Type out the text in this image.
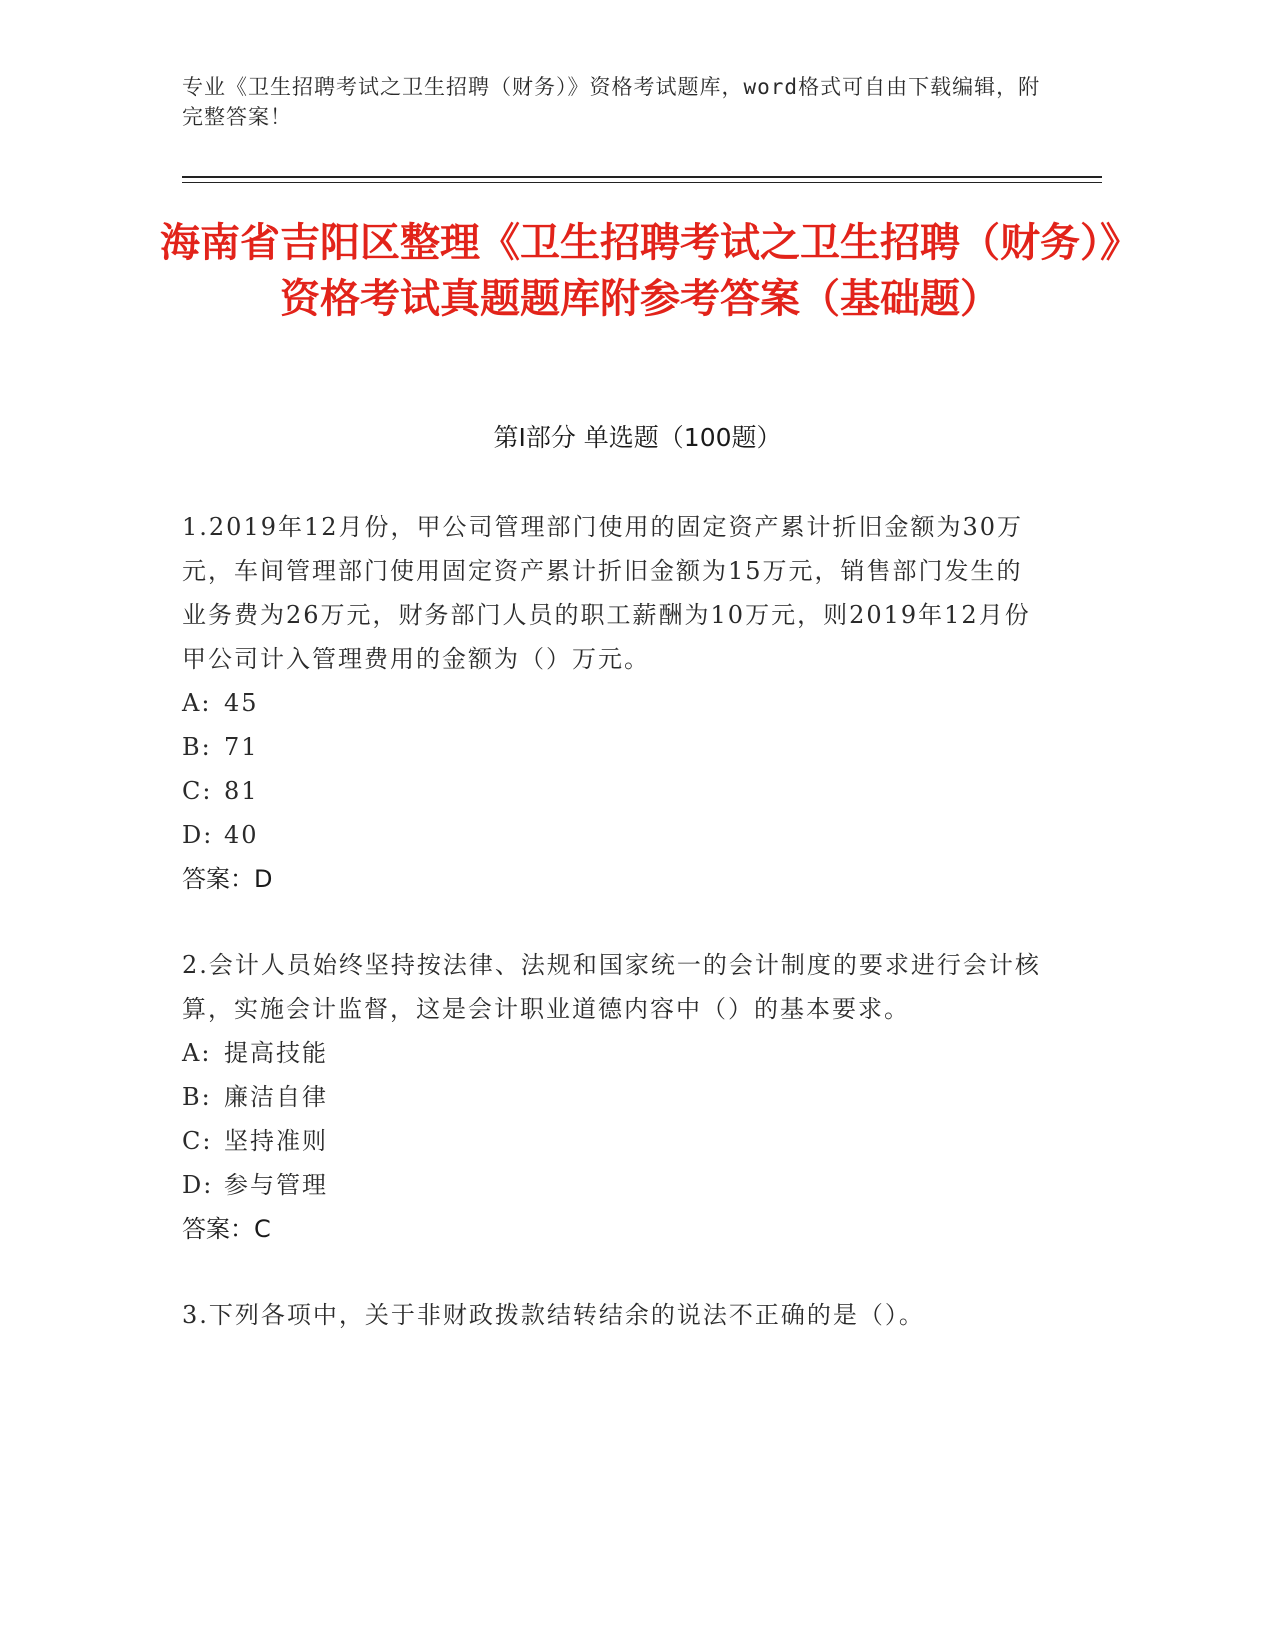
专业《卫生招聘考试之卫生招聘（财务）》资格考试题库，word格式可自由下载编辑，附完整答案！
海南省吉阳区整理《卫生招聘考试之卫生招聘（财务）》资格考试真题题库附参考答案（基础题）
第I部分 单选题（100题）
1.2019年12月份，甲公司管理部门使用的固定资产累计折旧金额为30万元，车间管理部门使用固定资产累计折旧金额为15万元，销售部门发生的业务费为26万元，财务部门人员的职工薪酬为10万元，则2019年12月份甲公司计入管理费用的金额为（）万元。
A: 45
B: 71
C: 81
D: 40
答案：D
2.会计人员始终坚持按法律、法规和国家统一的会计制度的要求进行会计核算，实施会计监督，这是会计职业道德内容中（）的基本要求。
A: 提高技能
B: 廉洁自律
C: 坚持准则
D: 参与管理
答案：C
3.下列各项中，关于非财政拨款结转结余的说法不正确的是（）。
